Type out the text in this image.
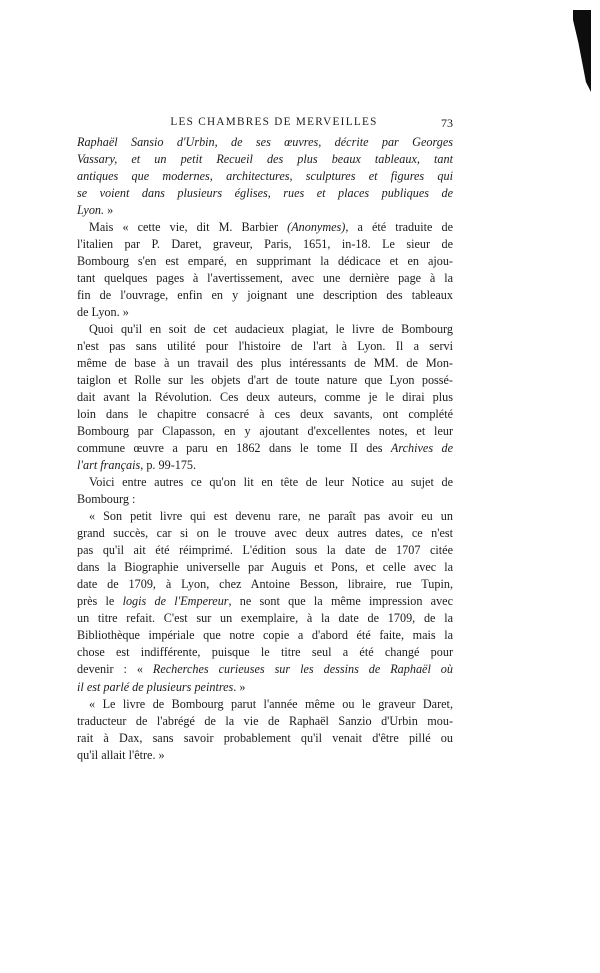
LES CHAMBRES DE MERVEILLES	73
Raphaël Sansio d'Urbin, de ses œuvres, décrite par Georges
Vassary, et un petit Recueil des plus beaux tableaux, tant
antiques que modernes, architectures, sculptures et figures qui
se voient dans plusieurs églises, rues et places publiques de
Lyon. »
Mais « cette vie, dit M. Barbier (Anonymes), a été traduite de
l'italien par P. Daret, graveur, Paris, 1651, in-18. Le sieur de
Bombourg s'en est emparé, en supprimant la dédicace et en ajou-
tant quelques pages à l'avertissement, avec une dernière page à la
fin de l'ouvrage, enfin en y joignant une description des tableaux
de Lyon. »
Quoi qu'il en soit de cet audacieux plagiat, le livre de Bombourg
n'est pas sans utilité pour l'histoire de l'art à Lyon. Il a servi
même de base à un travail des plus intéressants de MM. de Mon-
taiglon et Rolle sur les objets d'art de toute nature que Lyon possé-
dait avant la Révolution. Ces deux auteurs, comme je le dirai plus
loin dans le chapitre consacré à ces deux savants, ont complété
Bombourg par Clapasson, en y ajoutant d'excellentes notes, et leur
commune œuvre a paru en 1862 dans le tome II des Archives de
l'art français, p. 99-175.
Voici entre autres ce qu'on lit en tête de leur Notice au sujet de
Bombourg :
« Son petit livre qui est devenu rare, ne paraît pas avoir eu un
grand succès, car si on le trouve avec deux autres dates, ce n'est
pas qu'il ait été réimprimé. L'édition sous la date de 1707 citée
dans la Biographie universelle par Auguis et Pons, et celle avec la
date de 1709, à Lyon, chez Antoine Besson, libraire, rue Tupin,
près le logis de l'Empereur, ne sont que la même impression avec
un titre refait. C'est sur un exemplaire, à la date de 1709, de la
Bibliothèque impériale que notre copie a d'abord été faite, mais la
chose est indifférente, puisque le titre seul a été changé pour
devenir : « Recherches curieuses sur les dessins de Raphaël où
il est parlé de plusieurs peintres. »
« Le livre de Bombourg parut l'année même ou le graveur Daret,
traducteur de l'abrégé de la vie de Raphaël Sanzio d'Urbin mou-
rait à Dax, sans savoir probablement qu'il venait d'être pillé ou
qu'il allait l'être. »
